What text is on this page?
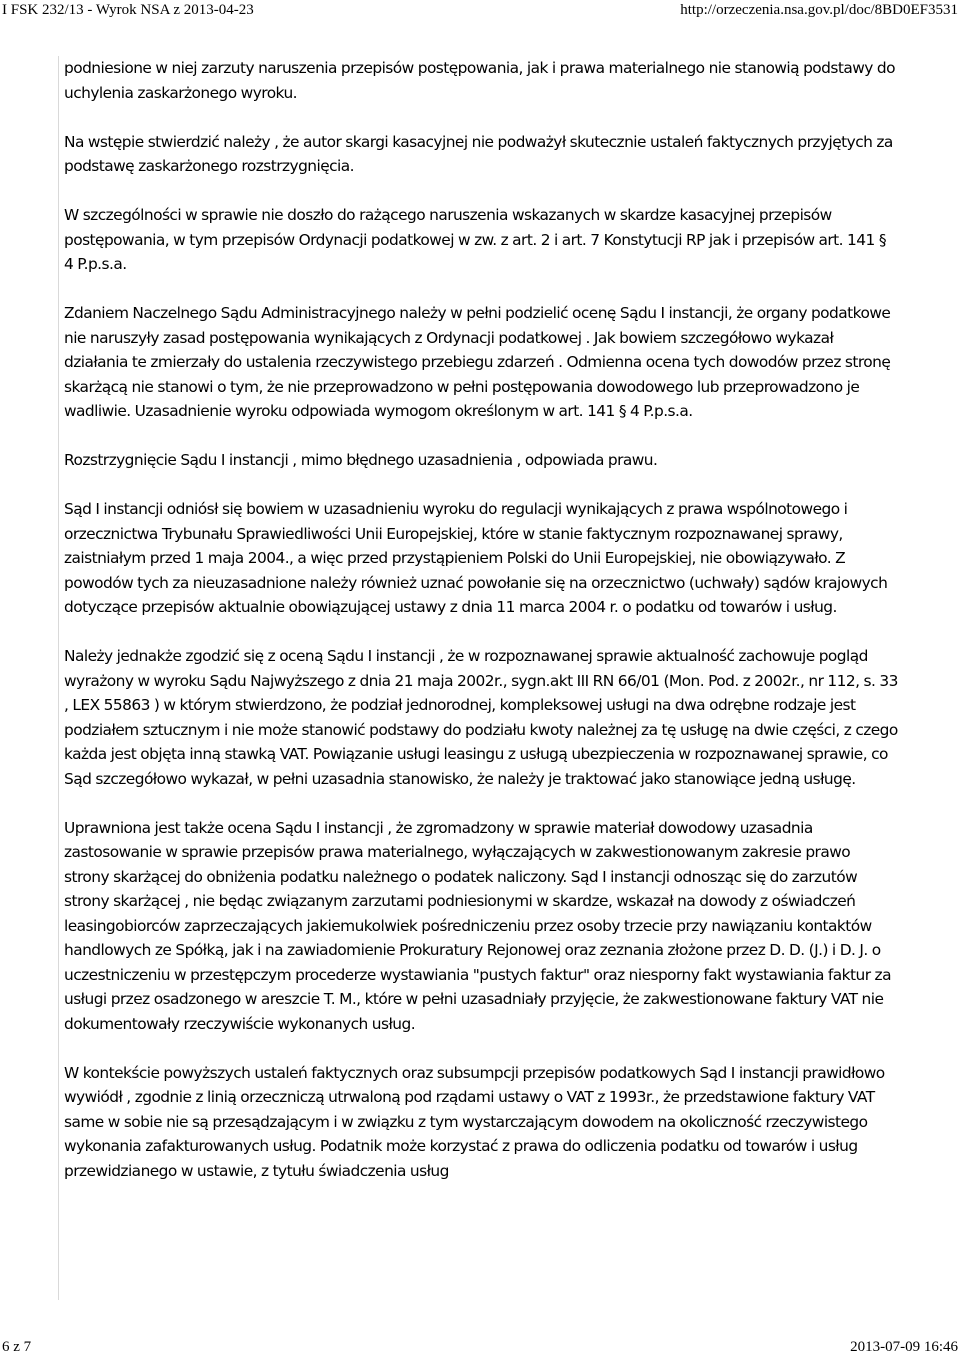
I FSK 232/13 - Wyrok NSA z 2013-04-23	http://orzeczenia.nsa.gov.pl/doc/8BD0EF3531

podniesione w niej zarzuty naruszenia przepisów postępowania, jak i prawa materialnego nie stanowią podstawy do uchylenia zaskarżonego wyroku.

Na wstępie stwierdzić należy , że autor skargi kasacyjnej nie podważył skutecznie ustaleń faktycznych przyjętych za podstawę zaskarżonego rozstrzygnięcia.

W szczególności w sprawie nie doszło do rażącego naruszenia wskazanych w skardze kasacyjnej przepisów postępowania, w tym przepisów Ordynacji podatkowej w zw. z art. 2 i art. 7 Konstytucji RP jak i przepisów art. 141 § 4 P.p.s.a.

Zdaniem Naczelnego Sądu Administracyjnego należy w pełni podzielić ocenę Sądu I instancji, że organy podatkowe nie naruszyły zasad postępowania wynikających z Ordynacji podatkowej . Jak bowiem szczegółowo wykazał działania te zmierzały do ustalenia rzeczywistego przebiegu zdarzeń . Odmienna ocena tych dowodów przez stronę skarżącą nie stanowi o tym, że nie przeprowadzono w pełni postępowania dowodowego lub przeprowadzono je wadliwie. Uzasadnienie wyroku odpowiada wymogom określonym w art. 141 § 4 P.p.s.a.

Rozstrzygnięcie Sądu I instancji , mimo błędnego uzasadnienia , odpowiada prawu.

Sąd I instancji odniósł się bowiem w uzasadnieniu wyroku do regulacji wynikających z prawa wspólnotowego i orzecznictwa Trybunału Sprawiedliwości Unii Europejskiej, które w stanie faktycznym rozpoznawanej sprawy, zaistniałym przed 1 maja 2004., a więc przed przystąpieniem Polski do Unii Europejskiej, nie obowiązywało. Z powodów tych za nieuzasadnione należy również uznać powołanie się na orzecznictwo (uchwały) sądów krajowych dotyczące przepisów aktualnie obowiązującej ustawy z dnia 11 marca 2004 r. o podatku od towarów i usług.

Należy jednakże zgodzić się z oceną Sądu I instancji , że w rozpoznawanej sprawie aktualność zachowuje pogląd wyrażony w wyroku Sądu Najwyższego z dnia 21 maja 2002r., sygn.akt III RN 66/01 (Mon. Pod. z 2002r., nr 112, s. 33 , LEX 55863 ) w którym stwierdzono, że podział jednorodnej, kompleksowej usługi na dwa odrębne rodzaje jest podziałem sztucznym i nie może stanowić podstawy do podziału kwoty należnej za tę usługę na dwie części, z czego każda jest objęta inną stawką VAT. Powiązanie usługi leasingu z usługą ubezpieczenia w rozpoznawanej sprawie, co Sąd szczegółowo wykazał, w pełni uzasadnia stanowisko, że należy je traktować jako stanowiące jedną usługę.

Uprawniona jest także ocena Sądu I instancji , że zgromadzony w sprawie materiał dowodowy uzasadnia zastosowanie w sprawie przepisów prawa materialnego, wyłączających w zakwestionowanym zakresie prawo strony skarżącej do obniżenia podatku należnego o podatek naliczony. Sąd I instancji odnosząc się do zarzutów strony skarżącej , nie będąc związanym zarzutami podniesionymi w skardze, wskazał na dowody z oświadczeń leasingobiorców zaprzeczających jakiemukolwiek pośredniczeniu przez osoby trzecie przy nawiązaniu kontaktów handlowych ze Spółką, jak i na zawiadomienie Prokuratury Rejonowej oraz zeznania złożone przez D. D. (J.) i D. J. o uczestniczeniu w przestępczym procederze wystawiania "pustych faktur" oraz niesporny fakt wystawiania faktur za usługi przez osadzonego w areszcie T. M., które w pełni uzasadniały przyjęcie, że zakwestionowane faktury VAT nie dokumentowały rzeczywiście wykonanych usług.

W kontekście powyższych ustaleń faktycznych oraz subsumpcji przepisów podatkowych Sąd I instancji prawidłowo wywiódł , zgodnie z linią orzeczniczą utrwaloną pod rządami ustawy o VAT z 1993r., że przedstawione faktury VAT same w sobie nie są przesądzającym i w związku z tym wystarczającym dowodem na okoliczność rzeczywistego wykonania zafakturowanych usług. Podatnik może korzystać z prawa do odliczenia podatku od towarów i usług przewidzianego w ustawie, z tytułu świadczenia usług

6 z 7	2013-07-09 16:46
